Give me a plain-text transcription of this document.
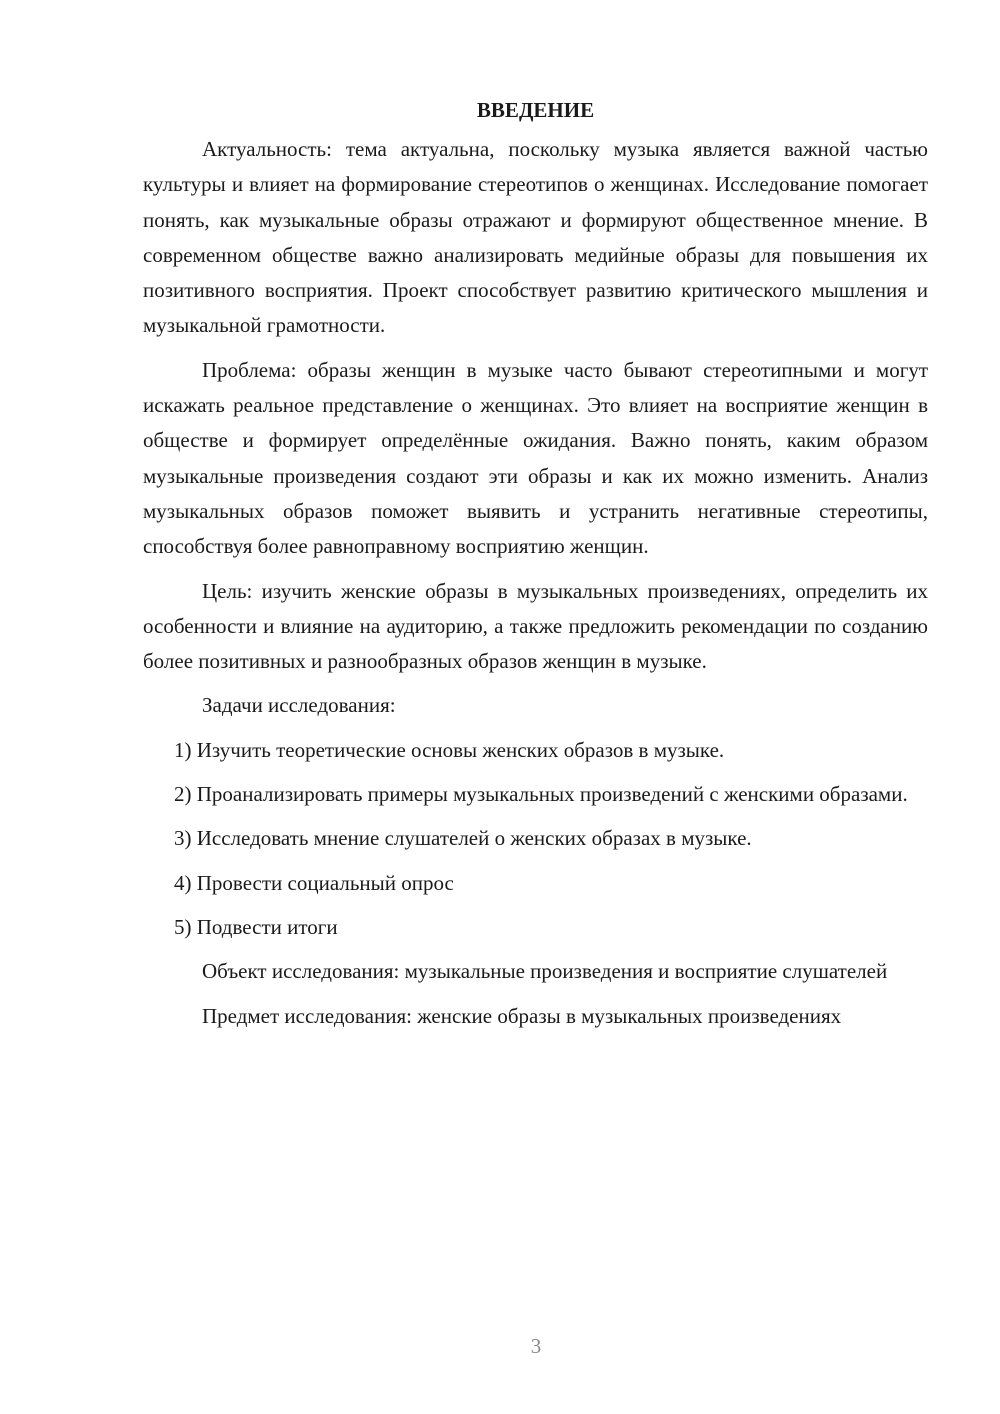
ВВЕДЕНИЕ

Актуальность: тема актуальна, поскольку музыка является важной частью культуры и влияет на формирование стереотипов о женщинах. Исследование помогает понять, как музыкальные образы отражают и формируют общественное мнение. В современном обществе важно анализировать медийные образы для повышения их позитивного восприятия. Проект способствует развитию критического мышления и музыкальной грамотности.

Проблема: образы женщин в музыке часто бывают стереотипными и могут искажать реальное представление о женщинах. Это влияет на восприятие женщин в обществе и формирует определённые ожидания. Важно понять, каким образом музыкальные произведения создают эти образы и как их можно изменить. Анализ музыкальных образов поможет выявить и устранить негативные стереотипы, способствуя более равноправному восприятию женщин.

Цель: изучить женские образы в музыкальных произведениях, определить их особенности и влияние на аудиторию, а также предложить рекомендации по созданию более позитивных и разнообразных образов женщин в музыке.

Задачи исследования:

1) Изучить теоретические основы женских образов в музыке.

2) Проанализировать примеры музыкальных произведений с женскими образами.

3) Исследовать мнение слушателей о женских образах в музыке.

4) Провести социальный опрос

5) Подвести итоги

Объект исследования: музыкальные произведения и восприятие слушателей

Предмет исследования: женские образы в музыкальных произведениях

3
